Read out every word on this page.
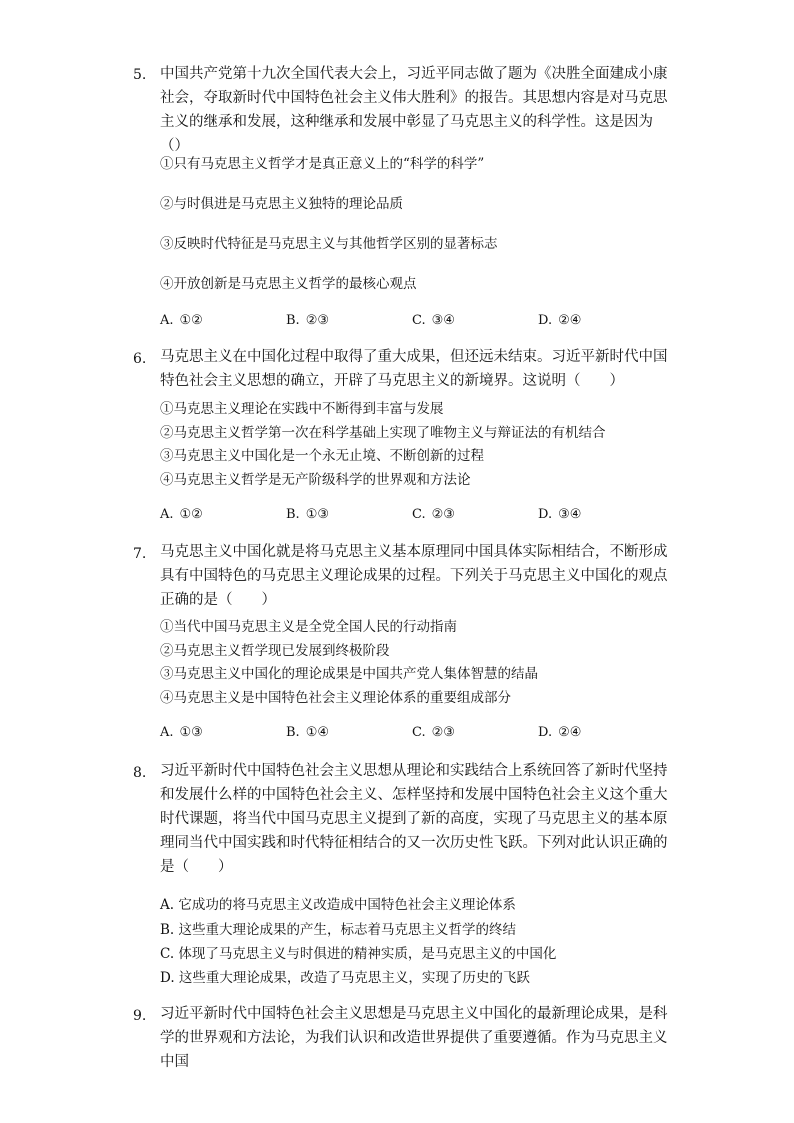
5. 中国共产党第十九次全国代表大会上，习近平同志做了题为《决胜全面建成小康社会，夺取新时代中国特色社会主义伟大胜利》的报告。其思想内容是对马克思主义的继承和发展，这种继承和发展中彰显了马克思主义的科学性。这是因为（）
①只有马克思主义哲学才是真正意义上的“科学的科学”
②与时俱进是马克思主义独特的理论品质
③反映时代特征是马克思主义与其他哲学区别的显著标志
④开放创新是马克思主义哲学的最核心观点
A. ①②	B. ②③	C. ③④	D. ②④
6. 马克思主义在中国化过程中取得了重大成果，但还远未结束。习近平新时代中国特色社会主义思想的确立，开辟了马克思主义的新境界。这说明（　　）
①马克思主义理论在实践中不断得到丰富与发展
②马克思主义哲学第一次在科学基础上实现了唯物主义与辩证法的有机结合
③马克思主义中国化是一个永无止境、不断创新的过程
④马克思主义哲学是无产阶级科学的世界观和方法论
A. ①②	B. ①③	C. ②③	D. ③④
7. 马克思主义中国化就是将马克思主义基本原理同中国具体实际相结合，不断形成具有中国特色的马克思主义理论成果的过程。下列关于马克思主义中国化的观点正确的是（　　）
①当代中国马克思主义是全党全国人民的行动指南
②马克思主义哲学现已发展到终极阶段
③马克思主义中国化的理论成果是中国共产党人集体智慧的结晶
④马克思主义是中国特色社会主义理论体系的重要组成部分
A. ①③	B. ①④	C. ②③	D. ②④
8. 习近平新时代中国特色社会主义思想从理论和实践结合上系统回答了新时代坚持和发展什么样的中国特色社会主义、怎样坚持和发展中国特色社会主义这个重大时代课题，将当代中国马克思主义提到了新的高度，实现了马克思主义的基本原理同当代中国实践和时代特征相结合的又一次历史性飞跃。下列对此认识正确的是（　　）
A. 它成功的将马克思主义改造成中国特色社会主义理论体系
B. 这些重大理论成果的产生，标志着马克思主义哲学的终结
C. 体现了马克思主义与时俱进的精神实质，是马克思主义的中国化
D. 这些重大理论成果，改造了马克思主义，实现了历史的飞跃
9. 习近平新时代中国特色社会主义思想是马克思主义中国化的最新理论成果，是科学的世界观和方法论，为我们认识和改造世界提供了重要遵循。作为马克思主义中国
